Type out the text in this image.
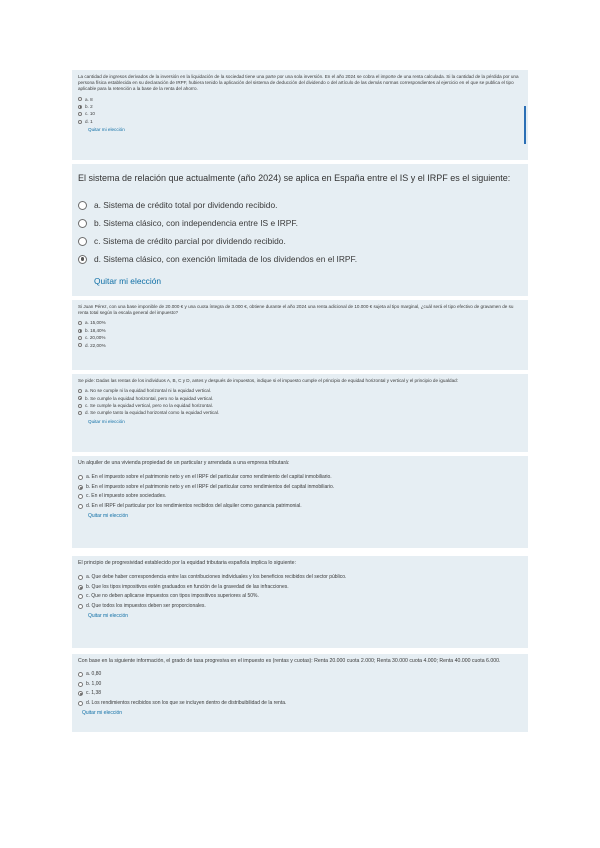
La cantidad de ingresos derivados de la inversión en la liquidación de la sociedad tiene una parte por una sola inversión. En el año 2024 se cobra el importe de una renta calculada. Si la cantidad de la pérdida por una persona física establecida en su declaración de IRPF, hubiera tenido la aplicación del sistema de deducción del dividendo o del artículo de las demás normas correspondientes al ejercicio en el que se publica el tipo aplicable para la retención a la base de la renta del ahorro.
a. 8
b. 2
c. 10
d. 1
Quitar mi elección
El sistema de relación que actualmente (año 2024) se aplica en España entre el IS y el IRPF es el siguiente:
a. Sistema de crédito total por dividendo recibido.
b. Sistema clásico, con independencia entre IS e IRPF.
c. Sistema de crédito parcial por dividendo recibido.
d. Sistema clásico, con exención limitada de los dividendos en el IRPF.
Quitar mi elección
Si Juan Pérez, con una base imponible de 20.000 € y una cuota íntegra de 3.000 €, obtiene durante el año 2024 una renta adicional de 10.000 € sujeta al tipo marginal, ¿cuál será el tipo efectivo de gravamen de su renta total según la escala general del impuesto?
a. 15,00%
b. 18,40%
c. 20,00%
d. 22,00%
Se pide: Dadas las rentas de los individuos A, B, C y D, antes y después de impuestos, indique si el impuesto cumple el principio de equidad horizontal y vertical y el principio de igualdad:
a. No se cumple ni la equidad horizontal ni la equidad vertical.
b. Se cumple la equidad horizontal, pero no la equidad vertical.
c. Se cumple la equidad vertical, pero no la equidad horizontal.
d. Se cumple tanto la equidad horizontal como la equidad vertical.
Quitar mi elección
Un alquiler de una vivienda propiedad de un particular y arrendada a una empresa tributará:
a. En el impuesto sobre el patrimonio neto y en el IRPF del particular como rendimiento del capital inmobiliario.
b. En el impuesto sobre el patrimonio neto y en el IRPF del particular como rendimientos del capital inmobiliario.
c. En el impuesto sobre sociedades.
d. En el IRPF del particular por los rendimientos recibidos del alquiler como ganancia patrimonial.
Quitar mi elección
El principio de progresividad establecido por la equidad tributaria española implica lo siguiente:
a. Que debe haber correspondencia entre las contribuciones individuales y los beneficios recibidos del sector público.
b. Que los tipos impositivos estén graduados en función de la gravedad de las infracciones.
c. Que no deben aplicarse impuestos con tipos impositivos superiores al 50%.
d. Que todos los impuestos deben ser proporcionales.
Quitar mi elección
Con base en la siguiente información, el grado de tasa progresiva en el impuesto es (rentas y cuotas): Renta 20.000 cuota 2.000; Renta 30.000 cuota 4.000; Renta 40.000 cuota 6.000.
a. 0,80
b. 1,00
c. 1,38
d. Los rendimientos recibidos son los que se incluyen dentro de distribuibilidad de la renta.
Quitar mi elección
